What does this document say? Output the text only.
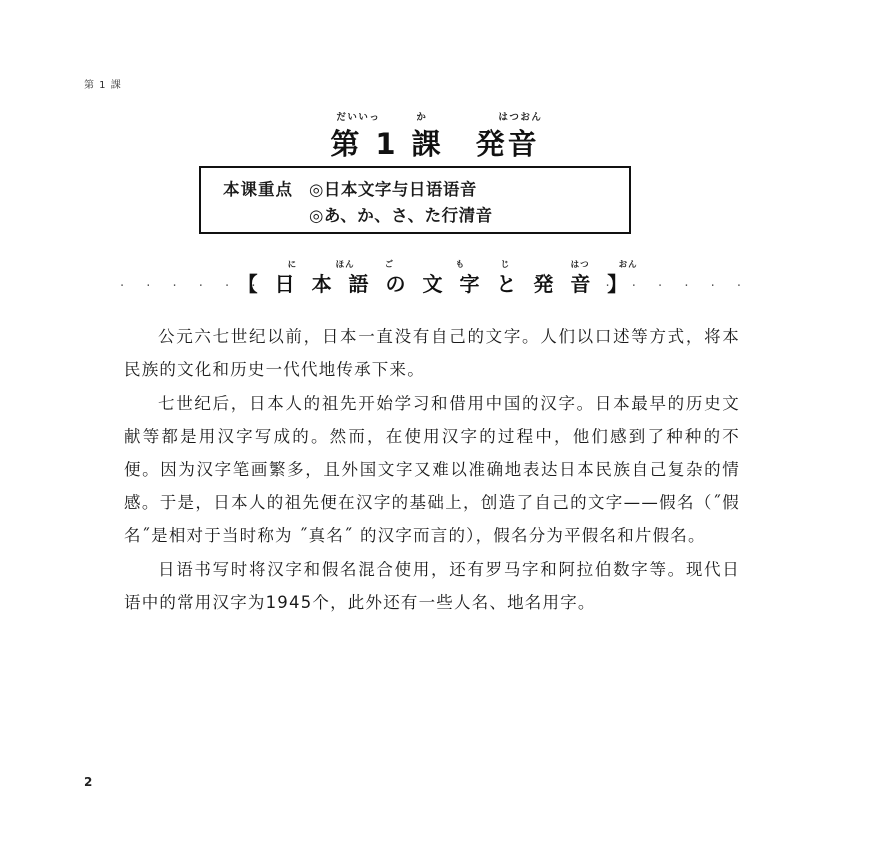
第 1 課
だいいっ	か	はつおん
第 1 課　発音
本课重点 ◎日本文字与日语语音
◎あ、か、さ、た行清音
· · · · · ·	· · · · · ·
に	ほん	ご	も	じ	はつ	おん
【 日 本 語 の 文 字 と 発 音 】

公元六七世纪以前，日本一直没有自己的文字。人们以口述等方式，将本民族的文化和历史一代代地传承下来。

七世纪后，日本人的祖先开始学习和借用中国的汉字。日本最早的历史文献等都是用汉字写成的。然而，在使用汉字的过程中，他们感到了种种的不便。因为汉字笔画繁多，且外国文字又难以准确地表达日本民族自己复杂的情感。于是，日本人的祖先便在汉字的基础上，创造了自己的文字——假名（˝假名˝是相对于当时称为 ˝真名˝ 的汉字而言的），假名分为平假名和片假名。

日语书写时将汉字和假名混合使用，还有罗马字和阿拉伯数字等。现代日语中的常用汉字为1945个，此外还有一些人名、地名用字。

2
